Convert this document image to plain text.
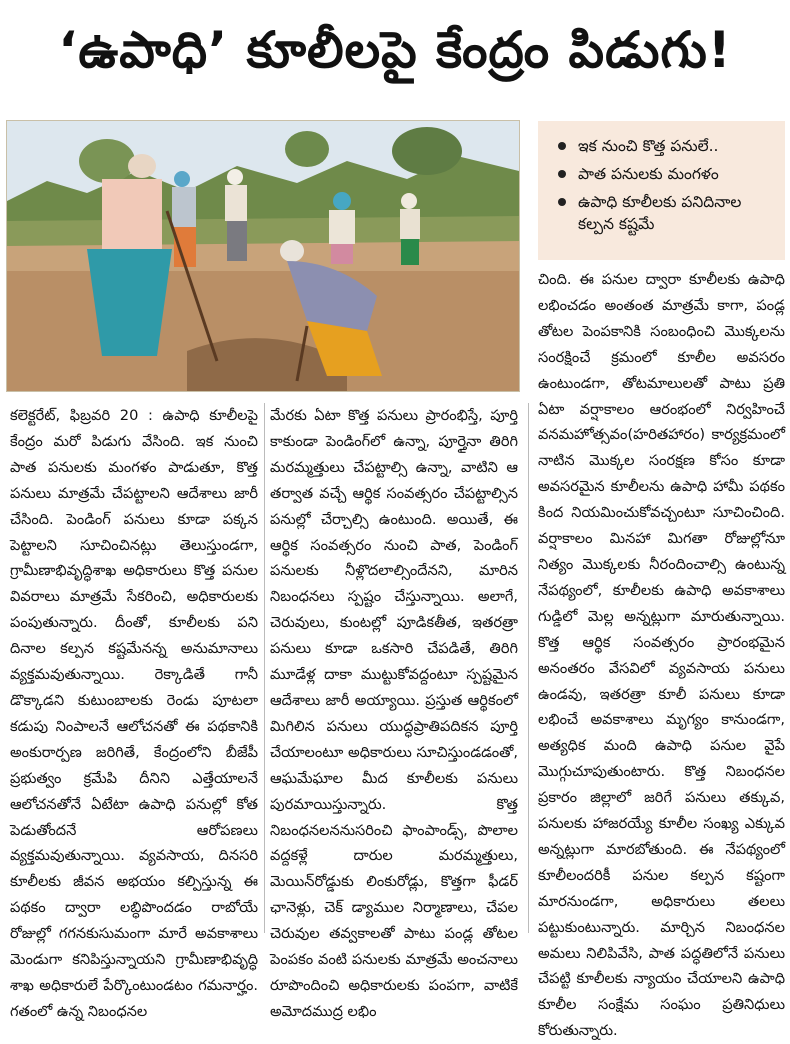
‘ఉపాధి’ కూలీలపై కేంద్రం పిడుగు!
ఇక నుంచి కొత్త పనులే..
పాత పనులకు మంగళం
ఉపాధి కూలీలకు పనిదినాల కల్పన కష్టమే

కలెక్టరేట్, ఫిబ్రవరి 20 : ఉపాధి కూలీలపై కేంద్రం మరో పిడుగు వేసింది. ఇక నుంచి పాత పనులకు మంగళం పాడుతూ, కొత్త పనులు మాత్రమే చేపట్టాలని ఆదేశాలు జారీ చేసింది. పెండింగ్ పనులు కూడా పక్కన పెట్టాలని సూచించినట్లు తెలుస్తుండగా, గ్రామీణాభివృద్ధిశాఖ అధికారులు కొత్త పనుల వివరాలు మాత్రమే సేకరించి, అధికారులకు పంపుతున్నారు. దీంతో, కూలీలకు పని దినాల కల్పన కష్టమేనన్న అనుమానాలు వ్యక్తమవుతున్నాయి. రెక్కాడితే గానీ డొక్కాడని కుటుంబాలకు రెండు పూటలా కడుపు నింపాలనే ఆలోచనతో ఈ పథకానికి అంకురార్పణ జరిగితే, కేంద్రంలోని బీజేపీ ప్రభుత్వం క్రమేపి దీనిని ఎత్తేయాలనే ఆలోచనతోనే ఏటేటా ఉపాధి పనుల్లో కోత పెడుతోందనే ఆరోపణలు వ్యక్తమవుతున్నాయి. వ్యవసాయ, దినసరి కూలీలకు జీవన అభయం కల్పిస్తున్న ఈ పథకం ద్వారా లబ్ధిపొందడం రాబోయే రోజుల్లో గగనకుసుమంగా మారే అవకాశాలు మెండుగా కనిపిస్తున్నాయని గ్రామీణాభివృద్ధి శాఖ అధికారులే పేర్కొంటుండటం గమనార్హం. గతంలో ఉన్న నిబంధనల

మేరకు ఏటా కొత్త పనులు ప్రారంభిస్తే, పూర్తి కాకుండా పెండింగ్‌లో ఉన్నా, పూర్తైనా తిరిగి మరమ్మత్తులు చేపట్టాల్సి ఉన్నా, వాటిని ఆ తర్వాత వచ్చే ఆర్థిక సంవత్సరం చేపట్టాల్సిన పనుల్లో చేర్చాల్సి ఉంటుంది. అయితే, ఈ ఆర్థిక సంవత్సరం నుంచి పాత, పెండింగ్ పనులకు నీళ్లొదలాల్సిందేనని, మారిన నిబంధనలు స్పష్టం చేస్తున్నాయి. అలాగే, చెరువులు, కుంటల్లో పూడికతీత, ఇతరత్రా పనులు కూడా ఒకసారి చేపడితే, తిరిగి మూడేళ్ల దాకా ముట్టుకోవద్దంటూ స్పష్టమైన ఆదేశాలు జారీ అయ్యాయి. ప్రస్తుత ఆర్థికంలో మిగిలిన పనులు యుద్ధప్రాతిపదికన పూర్తి చేయాలంటూ అధికారులు సూచిస్తుండడంతో, ఆఘమేఘాల మీద కూలీలకు పనులు పురమాయిస్తున్నారు. కొత్త నిబంధనలననుసరించి ఫాంపాండ్స్, పొలాల వద్దకళ్లే దారుల మరమ్మత్తులు, మెయిన్‌రోడ్డుకు లింకురోడ్లు, కొత్తగా ఫీడర్ ఛానెళ్లు, చెక్ డ్యాముల నిర్మాణాలు, చేపల చెరువుల తవ్వకాలతో పాటు పండ్ల తోటల పెంపకం వంటి పనులకు మాత్రమే అంచనాలు రూపొందించి అధికారులకు పంపగా, వాటికే అమోదముద్ర లభిం

చింది. ఈ పనుల ద్వారా కూలీలకు ఉపాధి లభించడం అంతంత మాత్రమే కాగా, పండ్ల తోటల పెంపకానికి సంబంధించి మొక్కలను సంరక్షించే క్రమంలో కూలీల అవసరం ఉంటుండగా, తోటమాలులతో పాటు ప్రతి ఏటా వర్షాకాలం ఆరంభంలో నిర్వహించే వనమహోత్సవం(హరితహారం) కార్యక్రమంలో నాటిన మొక్కల సంరక్షణ కోసం కూడా అవసరమైన కూలీలను ఉపాధి హామీ పథకం కింద నియమించుకోవచ్చంటూ సూచించింది. వర్షాకాలం మినహా మిగతా రోజుల్లోనూ నిత్యం మొక్కలకు నీరందించాల్సి ఉంటున్న నేపథ్యంలో, కూలీలకు ఉపాధి అవకాశాలు గుడ్డిలో మెల్ల అన్నట్లుగా మారుతున్నాయి. కొత్త ఆర్థిక సంవత్సరం ప్రారంభమైన అనంతరం వేసవిలో వ్యవసాయ పనులు ఉండవు, ఇతరత్రా కూలీ పనులు కూడా లభించే అవకాశాలు మృగ్యం కానుండగా, అత్యధిక మంది ఉపాధి పనుల వైపే మొగ్గుచూపుతుంటారు. కొత్త నిబంధనల ప్రకారం జిల్లాలో జరిగే పనులు తక్కువ, పనులకు హాజరయ్యే కూలీల సంఖ్య ఎక్కువ అన్నట్లుగా మారబోతుంది. ఈ నేపథ్యంలో కూలీలందరికీ పనుల కల్పన కష్టంగా మారనుండగా, అధికారులు తలలు పట్టుకుంటున్నారు. మార్చిన నిబంధనల అమలు నిలిపివేసి, పాత పద్ధతిలోనే పనులు చేపట్టి కూలీలకు న్యాయం చేయాలని ఉపాధి కూలీల సంక్షేమ సంఘం ప్రతినిధులు కోరుతున్నారు.
